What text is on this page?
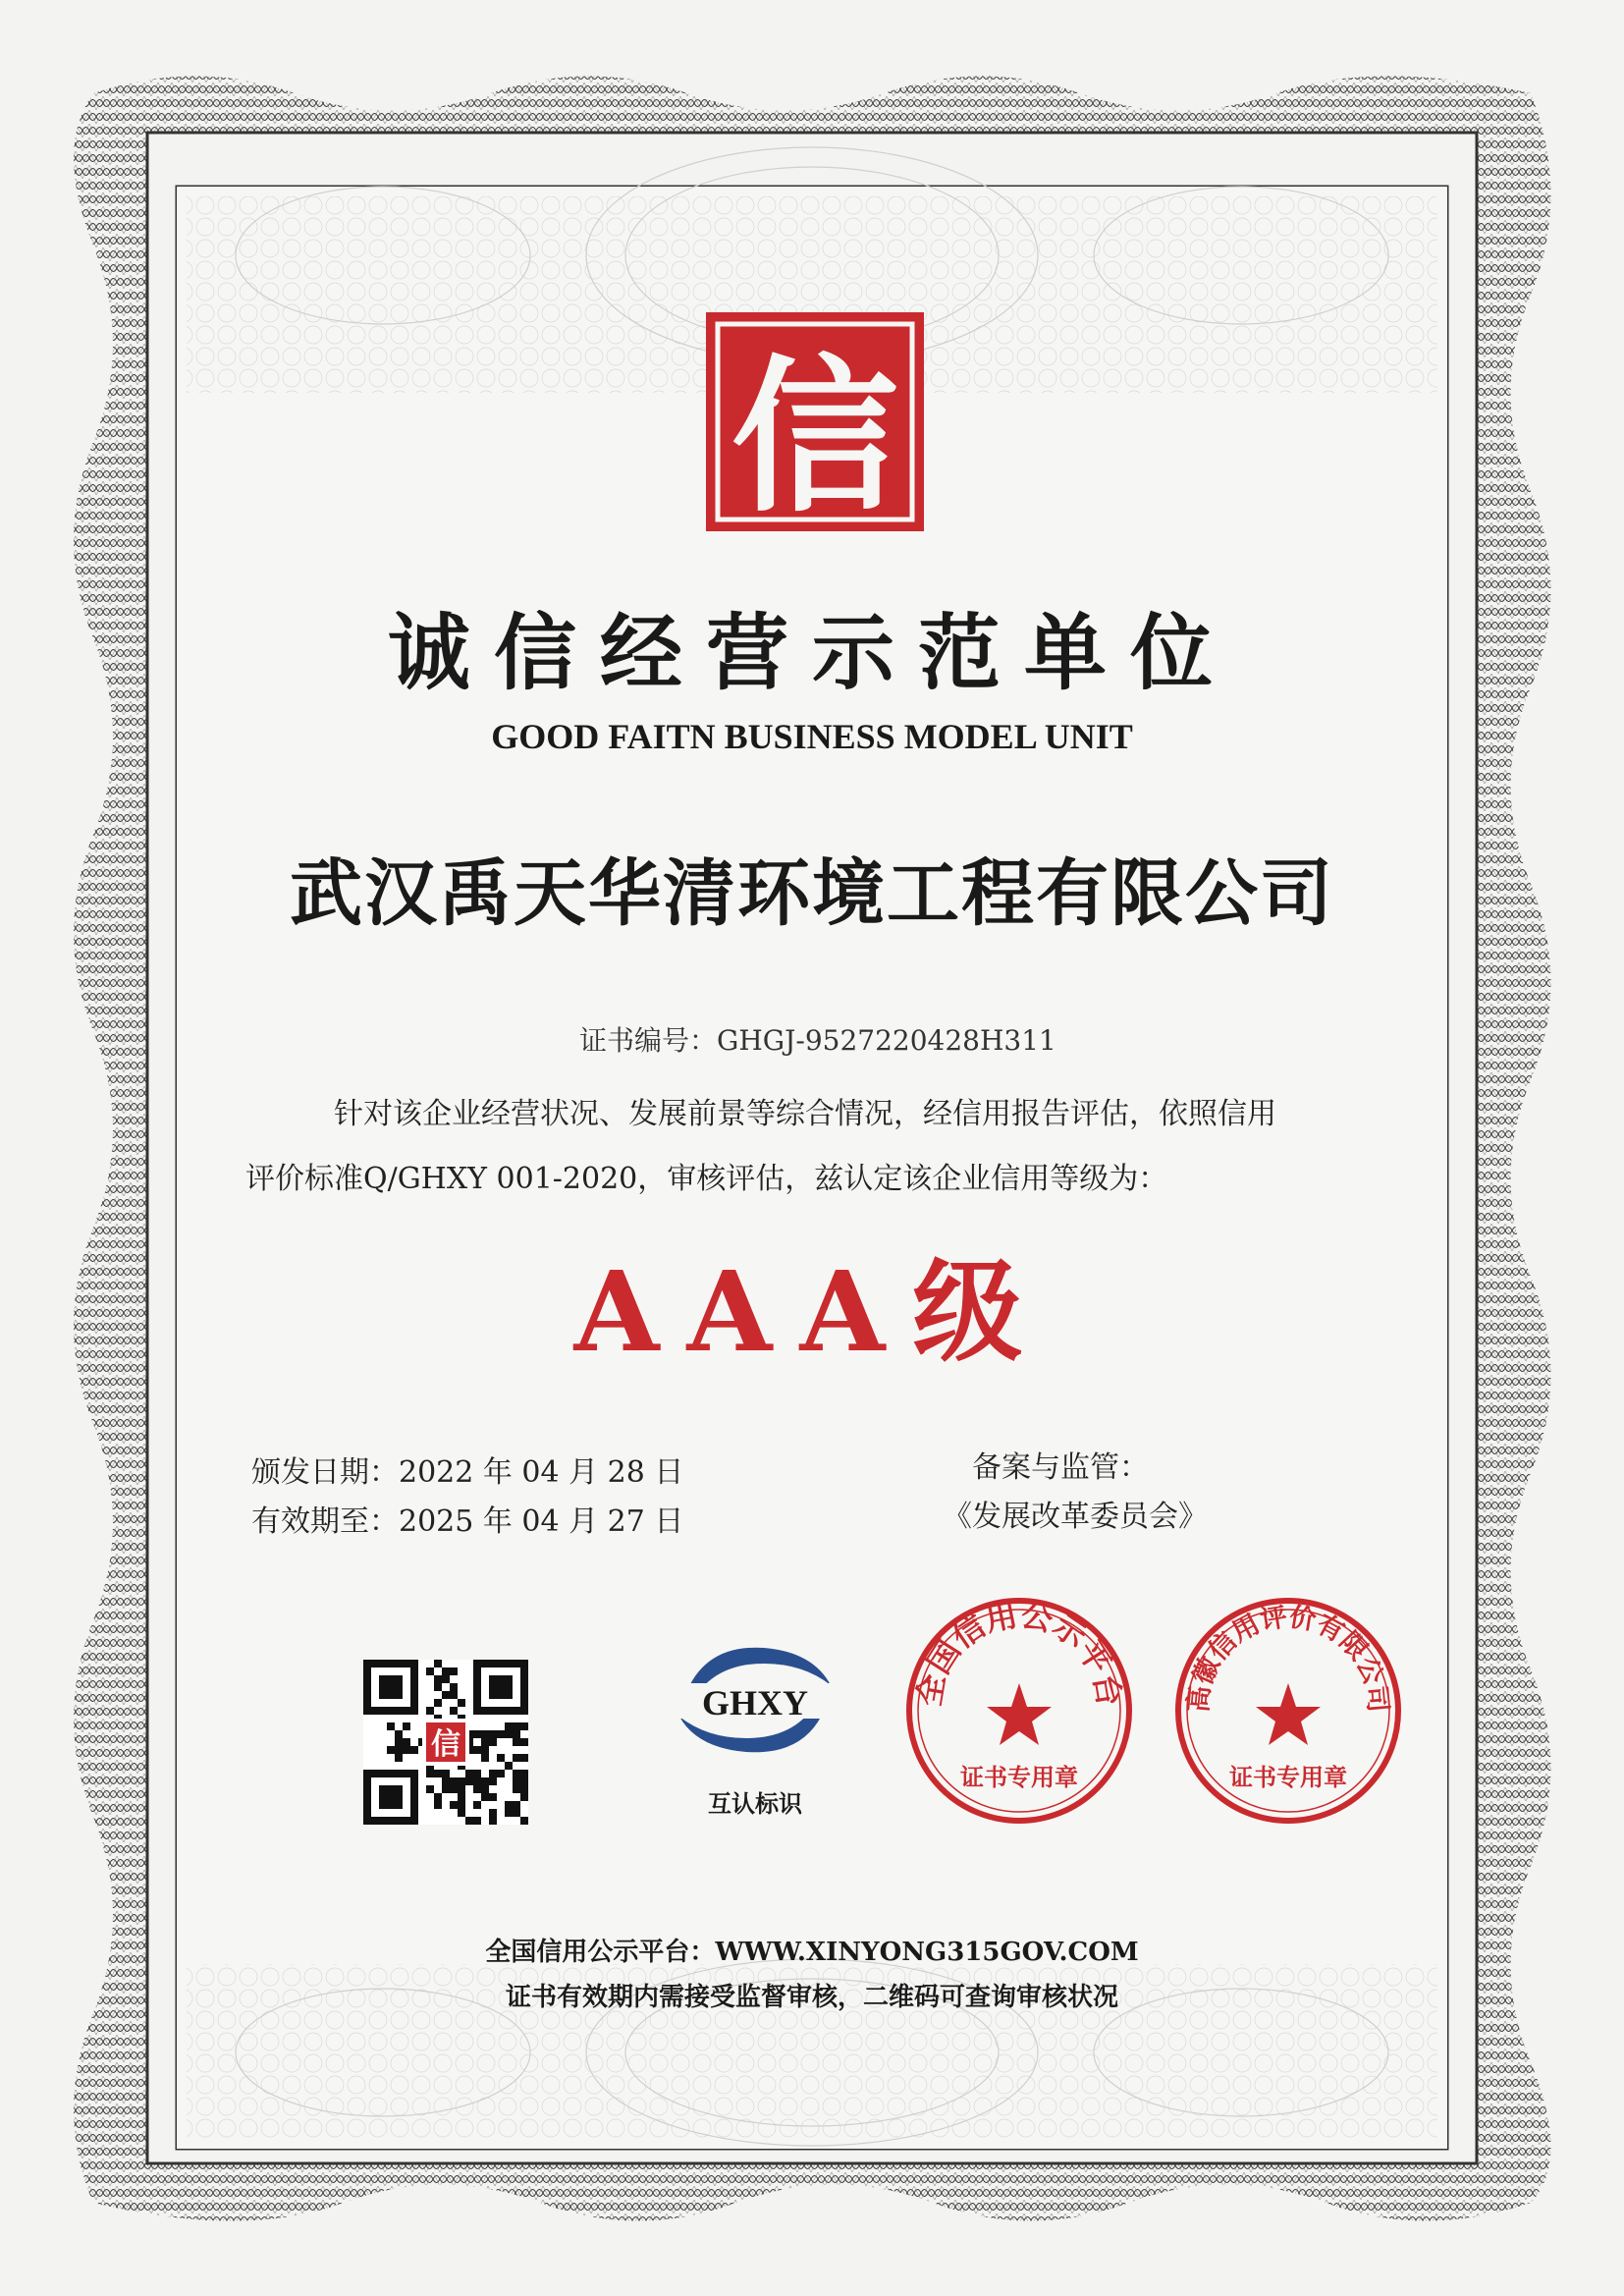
信
诚信经营示范单位
GOOD FAITN BUSINESS MODEL UNIT
武汉禹天华清环境工程有限公司
证书编号：GHGJ-9527220428H311
针对该企业经营状况、发展前景等综合情况，经信用报告评估，依照信用
评价标准Q/GHXY 001-2020，审核评估，兹认定该企业信用等级为：
AAA级
颁发日期：2022 年 04 月 28 日
有效期至：2025 年 04 月 27 日
备案与监管：
《发展改革委员会》
信
GHXY
互认标识
全国信用公示平台
证书专用章
高徽信用评价有限公司
证书专用章
全国信用公示平台：WWW.XINYONG315GOV.COM
证书有效期内需接受监督审核，二维码可查询审核状况
